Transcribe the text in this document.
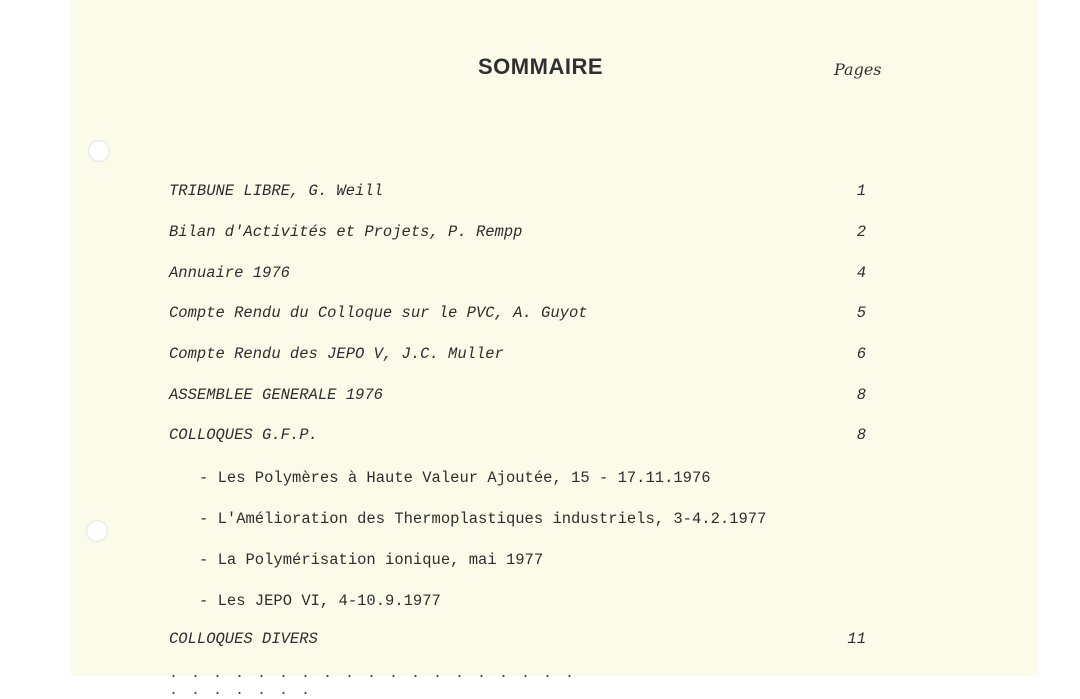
SOMMAIRE	Pages
TRIBUNE LIBRE, G. Weill	1
Bilan d'Activités et Projets, P. Rempp	2
Annuaire 1976	4
Compte Rendu du Colloque sur le PVC, A. Guyot	5
Compte Rendu des JEPO V, J.C. Muller	6
ASSEMBLEE GENERALE 1976	8
COLLOQUES G.F.P.	8
- Les Polymères à Haute Valeur Ajoutée, 15 - 17.11.1976
- L'Amélioration des Thermoplastiques industriels, 3-4.2.1977
- La Polymérisation ionique, mai 1977
- Les JEPO VI, 4-10.9.1977
COLLOQUES DIVERS	11
. . . . . . . . . . . . . . . . . . . . . . . . . .
